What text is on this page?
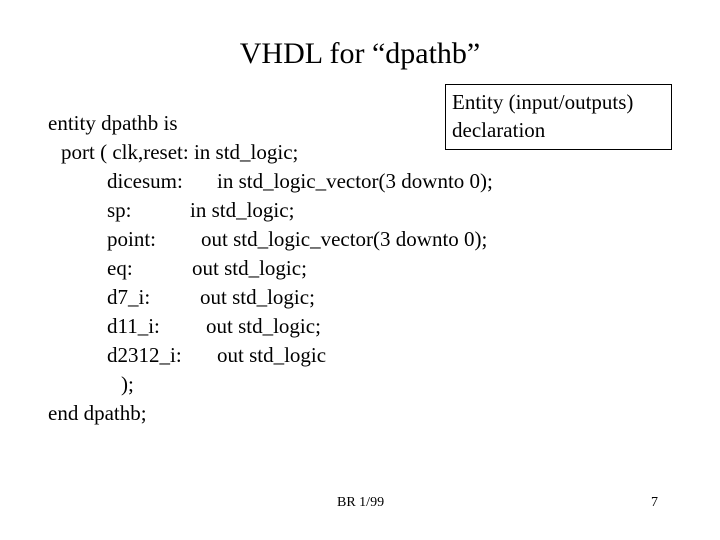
VHDL for “dpathb”
Entity (input/outputs)
declaration
entity dpathb is
port ( clk,reset: in std_logic;
dicesum: in std_logic_vector(3 downto 0);
sp:	in std_logic;
point: out std_logic_vector(3 downto 0);
eq:	out std_logic;
d7_i: out std_logic;
d11_i: out std_logic;
d2312_i: out std_logic
);
end dpathb;
BR 1/99	7
